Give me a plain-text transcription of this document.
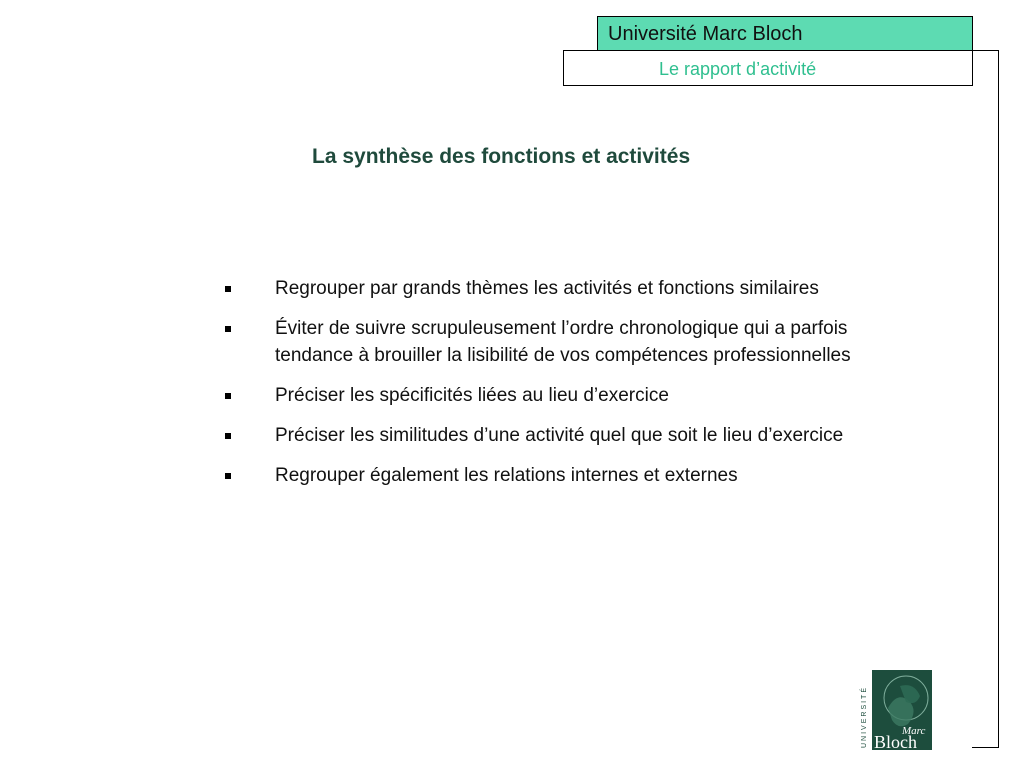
Université Marc Bloch
Le rapport d’activité
La synthèse des fonctions et activités
Regrouper par grands thèmes les activités et fonctions similaires
Éviter de suivre scrupuleusement l’ordre chronologique qui a parfois tendance à brouiller la lisibilité de vos compétences professionnelles
Préciser les spécificités liées au lieu d’exercice
Préciser les similitudes d’une activité quel que soit le lieu d’exercice
Regrouper également les relations internes et externes
UNIVERSITÉ	Marc
Bloch
